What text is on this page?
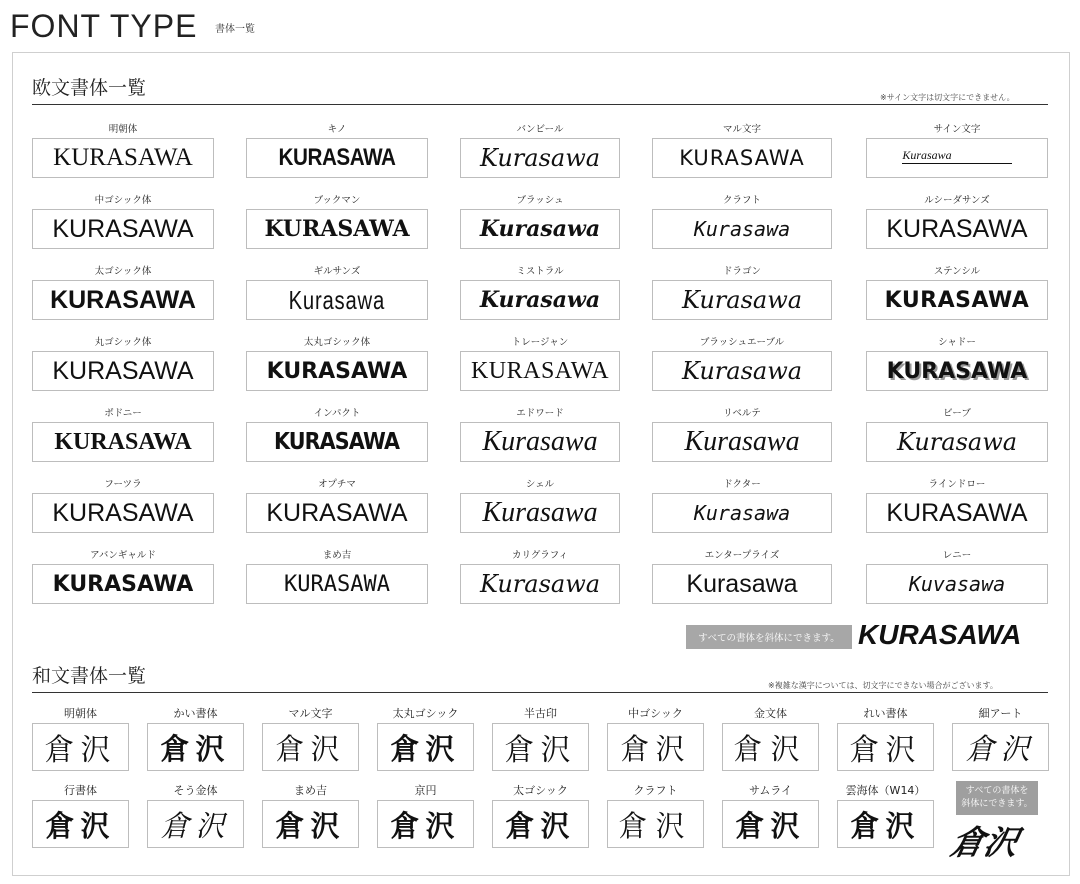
FONT TYPE 書体一覧
欧文書体一覧	※サイン文字は切文字にできません。
明朝体
KURASAWA
キノ
KURASAWA
バンビール
Kurasawa
マル文字
KURASAWA
サイン文字
Kurasawa
中ゴシック体
KURASAWA
ブックマン
KURASAWA
ブラッシュ
Kurasawa
クラフト
Kurasawa
ルシーダサンズ
KURASAWA
太ゴシック体
KURASAWA
ギルサンズ
Kurasawa
ミストラル
Kurasawa
ドラゴン
Kurasawa
ステンシル
KURASAWA
丸ゴシック体
KURASAWA
太丸ゴシック体
KURASAWA
トレージャン
KURASAWA
ブラッシュエーブル
Kurasawa
シャドー
KURASAWA
ボドニー
KURASAWA
インパクト
KURASAWA
エドワード
Kurasawa
リベルテ
Kurasawa
ビーブ
Kurasawa
フーツラ
KURASAWA
オプチマ
KURASAWA
シェル
Kurasawa
ドクター
Kurasawa
ラインドロー
KURASAWA
アバンギャルド
KURASAWA
まめ吉
KURASAWA
カリグラフィ
Kurasawa
エンタープライズ
Kurasawa
レニー
Kuvasawa
すべての書体を斜体にできます。 KURASAWA
和文書体一覧	※複雑な漢字については、切文字にできない場合がございます。
明朝体
倉沢
かい書体
倉沢
マル文字
倉沢
太丸ゴシック
倉沢
半古印
倉沢
中ゴシック
倉沢
金文体
倉沢
れい書体
倉沢
細アート
倉沢
行書体
倉沢
そう金体
倉沢
まめ吉
倉沢
京円
倉沢
太ゴシック
倉沢
クラフト
倉沢
サムライ
倉沢
雲海体（W14）
倉沢
すべての書体を
斜体にできます。
倉沢
